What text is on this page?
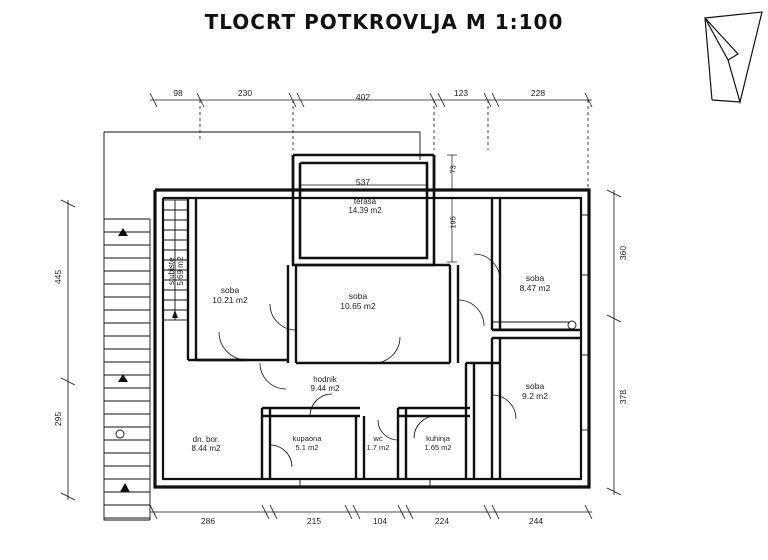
TLOCRT POTKROVLJA M 1:100
98	230	402	123	228
286	215	104	224	244
445
295
360
378
537
73
195
stubiste 5.69 m2
soba
10.21 m2
terasa
14.39 m2
soba
10.65 m2
soba
8.47 m2
soba
9.2 m2
hodnik
9.44 m2
dn. bor.
8.44 m2
kupaona
5.1 m2
wc
1.7 m2
kuhinja
1.65 m2
